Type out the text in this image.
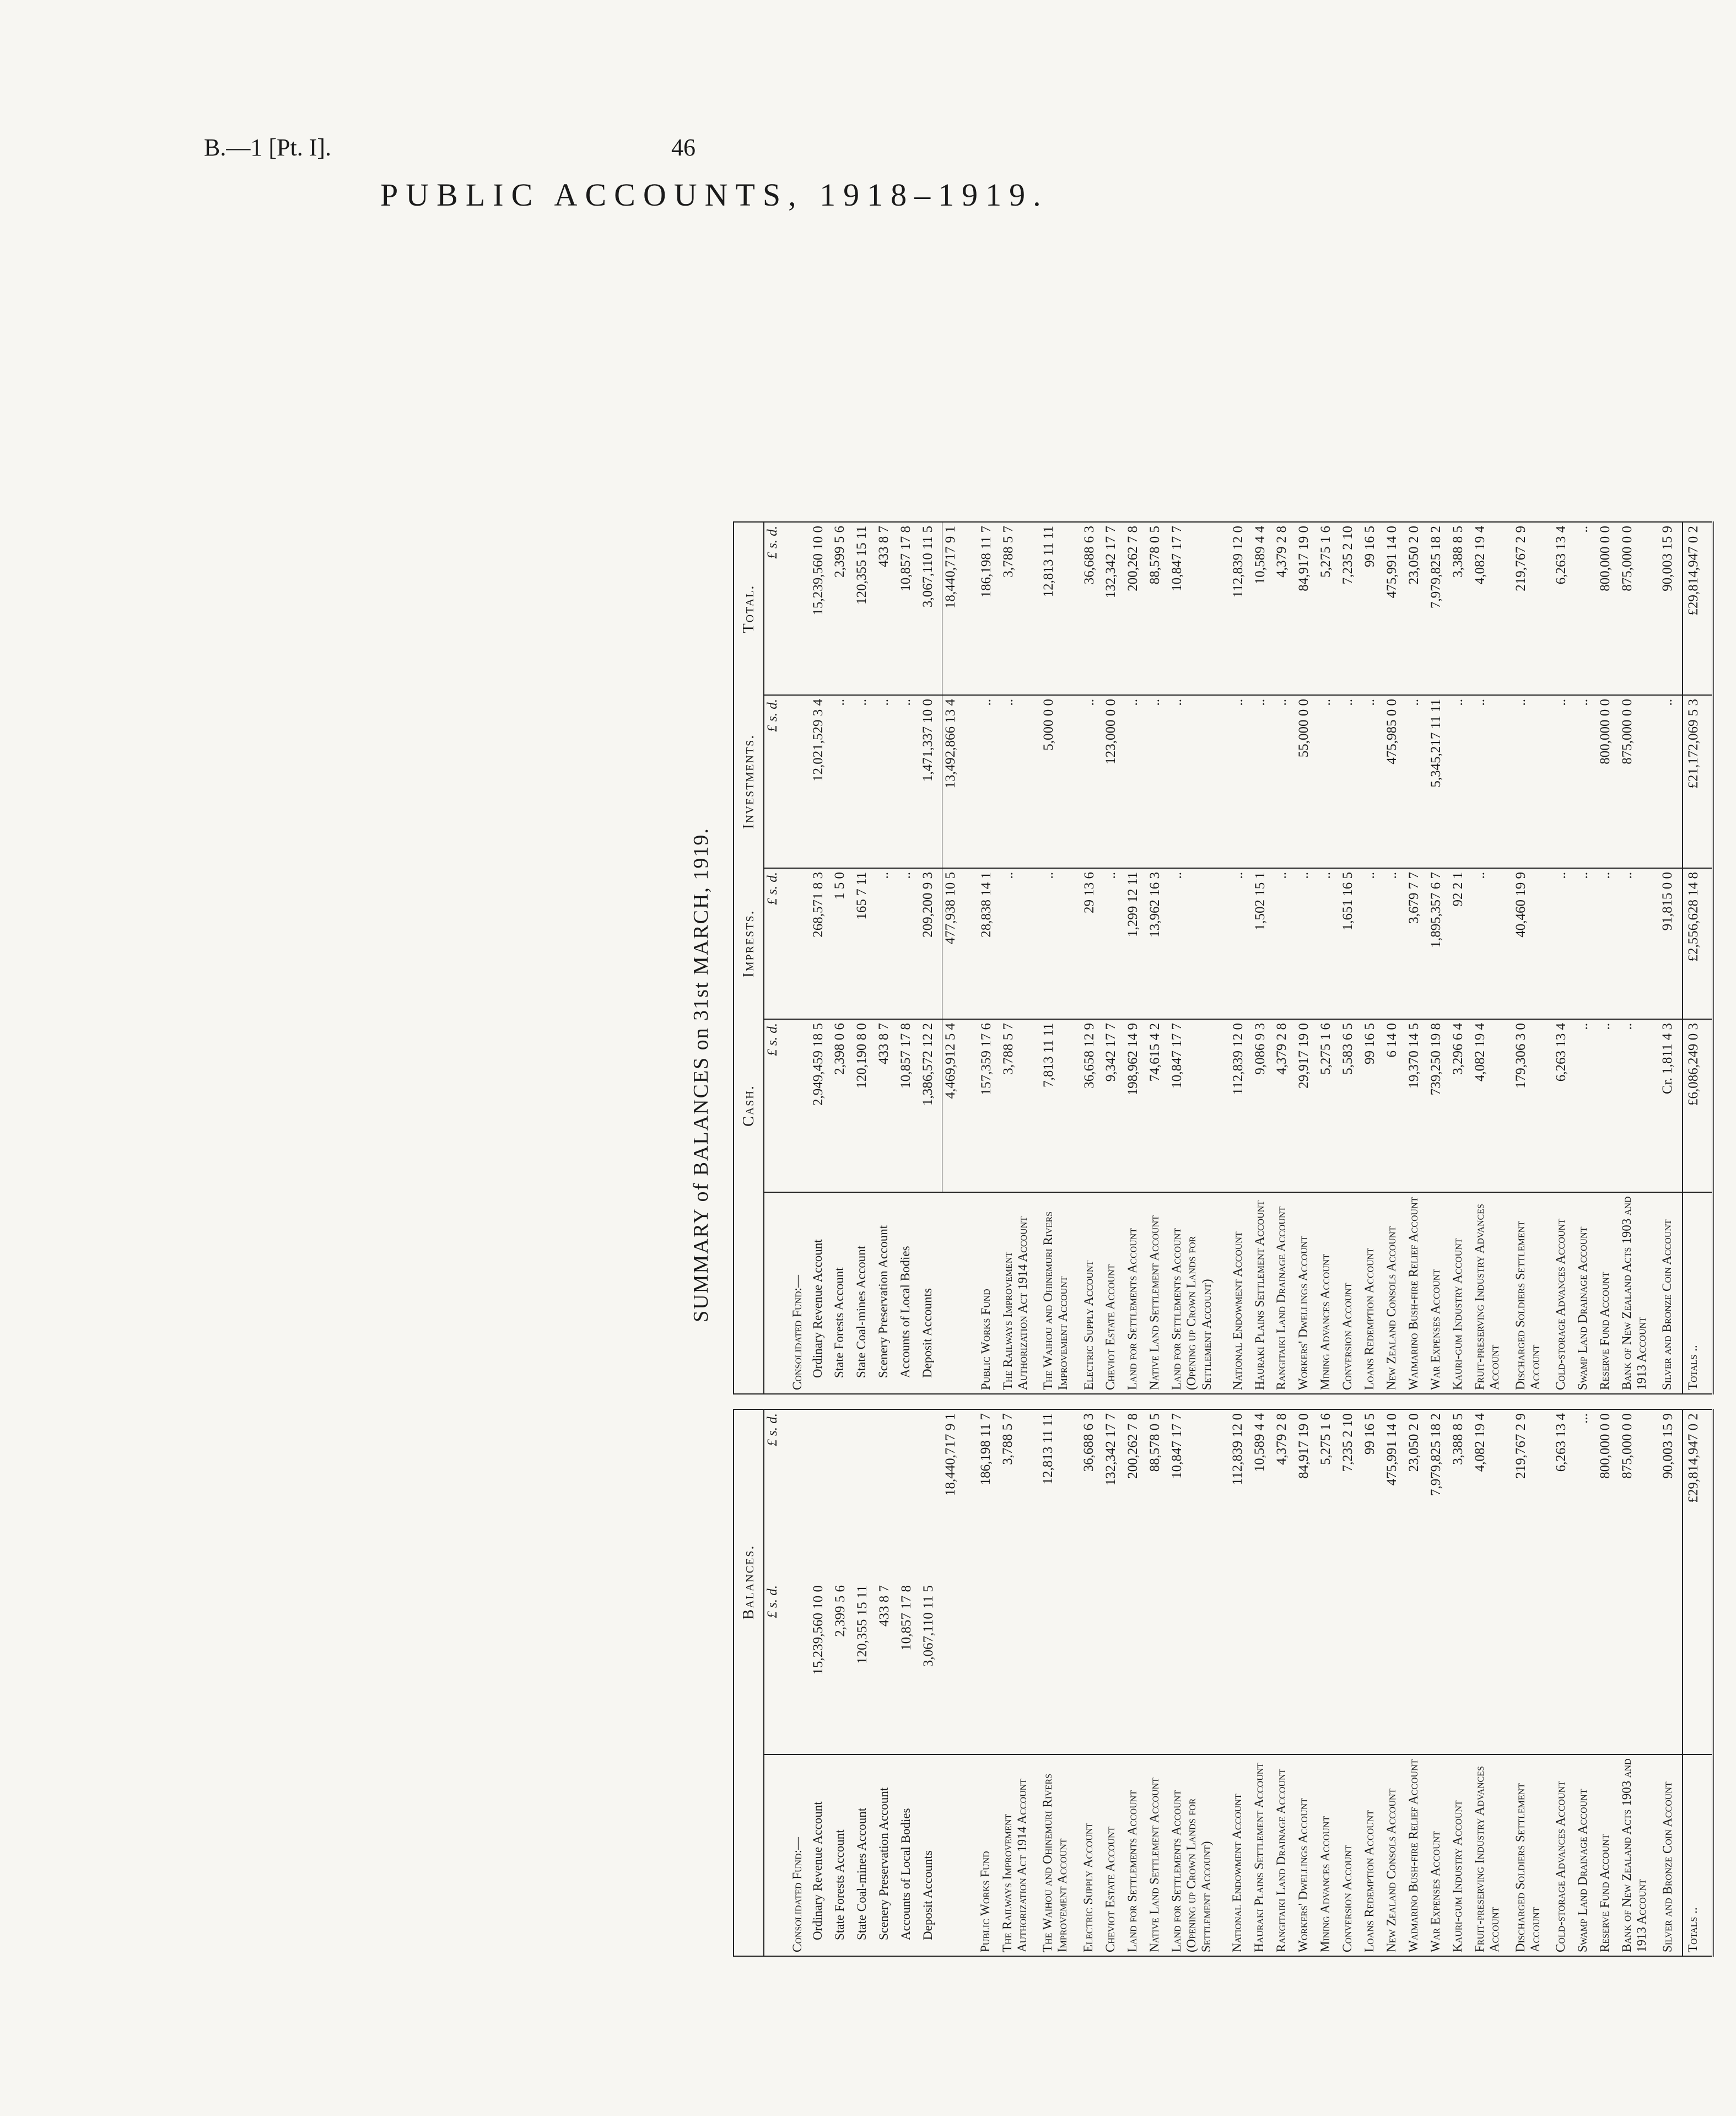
B.—1 [Pt. I].	46
PUBLIC ACCOUNTS, 1918–1919.
SUMMARY of BALANCES on 31st MARCH, 1919.
	Balances.	
	£ s. d.	£ s. d.
Consolidated Fund:—		
Ordinary Revenue Account	15,239,560 10 0	
State Forests Account	2,399 5 6	
State Coal-mines Account	120,355 15 11	
Scenery Preservation Account	433 8 7	
Accounts of Local Bodies	10,857 17 8	
Deposit Accounts	3,067,110 11 5	
		18,440,717 9 1

Public Works Fund		186,198 11 7
The Railways Improvement Authorization Act 1914 Account		3,788 5 7
The Waihou and Ohinemuri Rivers Improvement Account		12,813 11 11
Electric Supply Account		36,688 6 3
Cheviot Estate Account		132,342 17 7
Land for Settlements Account		200,262 7 8
Native Land Settlement Account		88,578 0 5
Land for Settlements Account (Opening up Crown Lands for Settlement Account)		10,847 17 7
National Endowment Account		112,839 12 0
Hauraki Plains Settlement Account		10,589 4 4
Rangitaiki Land Drainage Account		4,379 2 8
Workers' Dwellings Account		84,917 19 0
Mining Advances Account		5,275 1 6
Conversion Account		7,235 2 10
Loans Redemption Account		99 16 5
New Zealand Consols Account		475,991 14 0
Waimarino Bush-fire Relief Account		23,050 2 0
War Expenses Account		7,979,825 18 2
Kauri-gum Industry Account		3,388 8 5
Fruit-preserving Industry Advances Account		4,082 19 4
Discharged Soldiers Settlement Account		219,767 2 9
Cold-storage Advances Account		6,263 13 4
Swamp Land Drainage Account		...
Reserve Fund Account		800,000 0 0
Bank of New Zealand Acts 1903 and 1913 Account		875,000 0 0
Silver and Bronze Coin Account		90,003 15 9
Totals ..		£29,814,947 0 2
	Cash.	Imprests.	Investments.	Total.
	£ s. d.	£ s. d.	£ s. d.	£ s. d.
Consolidated Fund:—				
Ordinary Revenue Account	2,949,459 18 5	268,571 8 3	12,021,529 3 4	15,239,560 10 0
State Forests Account	2,398 0 6	1 5 0	..	2,399 5 6
State Coal-mines Account	120,190 8 0	165 7 11	..	120,355 15 11
Scenery Preservation Account	433 8 7	..	..	433 8 7
Accounts of Local Bodies	10,857 17 8	..	..	10,857 17 8
Deposit Accounts	1,386,572 12 2	209,200 9 3	1,471,337 10 0	3,067,110 11 5
	4,469,912 5 4	477,938 10 5	13,492,866 13 4	18,440,717 9 1

Public Works Fund	157,359 17 6	28,838 14 1	..	186,198 11 7
The Railways Improvement Authorization Act 1914 Account	3,788 5 7	..	..	3,788 5 7
The Waihou and Ohinemuri Rivers Improvement Account	7,813 11 11	..	5,000 0 0	12,813 11 11
Electric Supply Account	36,658 12 9	29 13 6	..	36,688 6 3
Cheviot Estate Account	9,342 17 7	..	123,000 0 0	132,342 17 7
Land for Settlements Account	198,962 14 9	1,299 12 11	..	200,262 7 8
Native Land Settlement Account	74,615 4 2	13,962 16 3	..	88,578 0 5
Land for Settlements Account (Opening up Crown Lands for Settlement Account)	10,847 17 7	..	..	10,847 17 7
National Endowment Account	112,839 12 0	..	..	112,839 12 0
Hauraki Plains Settlement Account	9,086 9 3	1,502 15 1	..	10,589 4 4
Rangitaiki Land Drainage Account	4,379 2 8	..	..	4,379 2 8
Workers' Dwellings Account	29,917 19 0	..	55,000 0 0	84,917 19 0
Mining Advances Account	5,275 1 6	..	..	5,275 1 6
Conversion Account	5,583 6 5	1,651 16 5	..	7,235 2 10
Loans Redemption Account	99 16 5	..	..	99 16 5
New Zealand Consols Account	6 14 0	..	475,985 0 0	475,991 14 0
Waimarino Bush-fire Relief Account	19,370 14 5	3,679 7 7	..	23,050 2 0
War Expenses Account	739,250 19 8	1,895,357 6 7	5,345,217 11 11	7,979,825 18 2
Kauri-gum Industry Account	3,296 6 4	92 2 1	..	3,388 8 5
Fruit-preserving Industry Advances Account	4,082 19 4	..	..	4,082 19 4
Discharged Soldiers Settlement Account	179,306 3 0	40,460 19 9	..	219,767 2 9
Cold-storage Advances Account	6,263 13 4	..	..	6,263 13 4
Swamp Land Drainage Account	..	..	..	..
Reserve Fund Account	..	..	800,000 0 0	800,000 0 0
Bank of New Zealand Acts 1903 and 1913 Account	..	..	875,000 0 0	875,000 0 0
Silver and Bronze Coin Account	Cr. 1,811 4 3	91,815 0 0	..	90,003 15 9
Totals ..	£6,086,249 0 3	£2,556,628 14 8	£21,172,069 5 3	£29,814,947 0 2
